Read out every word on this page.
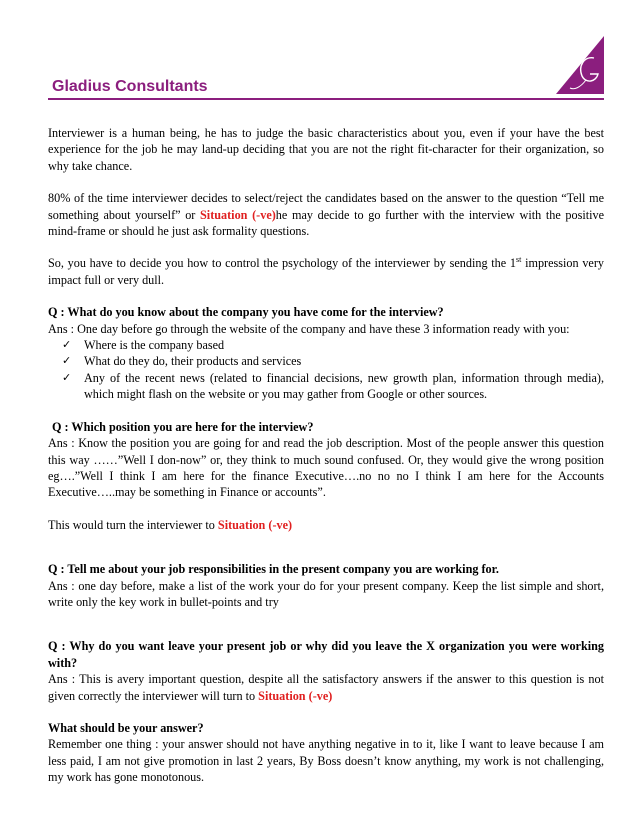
Gladius Consultants

Interviewer is a human being, he has to judge the basic characteristics about you, even if your have the best experience for the job he may land-up deciding that you are not the right fit-character for their organization, so why take chance.

80% of the time interviewer decides to select/reject the candidates based on the answer to the question “Tell me something about yourself” or Situation (-ve)he may decide to go further with the interview with the positive mind-frame or should he just ask formality questions.

So, you have to decide you how to control the psychology of the interviewer by sending the 1st impression very impact full or very dull.

Q : What do you know about the company you have come for the interview?

Ans : One day before go through the website of the company and have these 3 information ready with you:

✓ Where is the company based
✓ What do they do, their products and services
✓ Any of the recent news (related to financial decisions, new growth plan, information through media), which might flash on the website or you may gather from Google or other sources.

Q : Which position you are here for the interview?

Ans : Know the position you are going for and read the job description. Most of the people answer this question this way ……”Well I don-now” or, they think to much sound confused. Or, they would give the wrong position eg….”Well I think I am here for the finance Executive….no no no I think I am here for the Accounts Executive…..may be something in Finance or accounts”.

This would turn the interviewer to Situation (-ve)

Q : Tell me about your job responsibilities in the present company you are working for.

Ans : one day before, make a list of the work your do for your present company. Keep the list simple and short, write only the key work in bullet-points and try

Q : Why do you want leave your present job or why did you leave the X organization you were working with?

Ans : This is avery important question, despite all the satisfactory answers if the answer to this question is not given correctly the interviewer will turn to Situation (-ve)

What should be your answer?

Remember one thing : your answer should not have anything negative in to it, like I want to leave because I am less paid, I am not give promotion in last 2 years, By Boss doesn’t know anything, my work is not challenging, my work has gone monotonous.
